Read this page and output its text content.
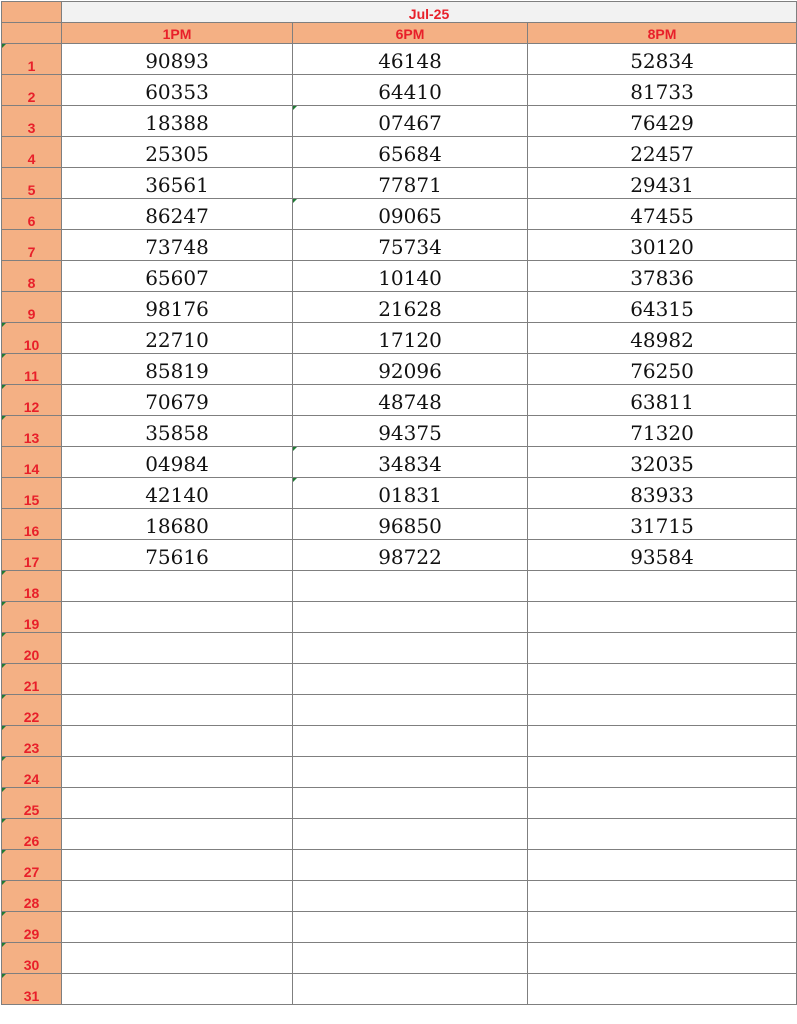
	Jul-25		
	1PM	6PM	8PM

1	90893	46148	52834
2	60353	64410	81733
3	18388	07467	76429
4	25305	65684	22457
5	36561	77871	29431
6	86247	09065	47455
7	73748	75734	30120
8	65607	10140	37836
9	98176	21628	64315

10	22710	17120	48982

11	85819	92096	76250

12	70679	48748	63811

13	35858	94375	71320
14	04984	34834	32035
15	42140	01831	83933
16	18680	96850	31715
17	75616	98722	93584

18			

19			

20			

21			

22			

23			

24			

25			

26			

27			

28			

29			

30			

31			
